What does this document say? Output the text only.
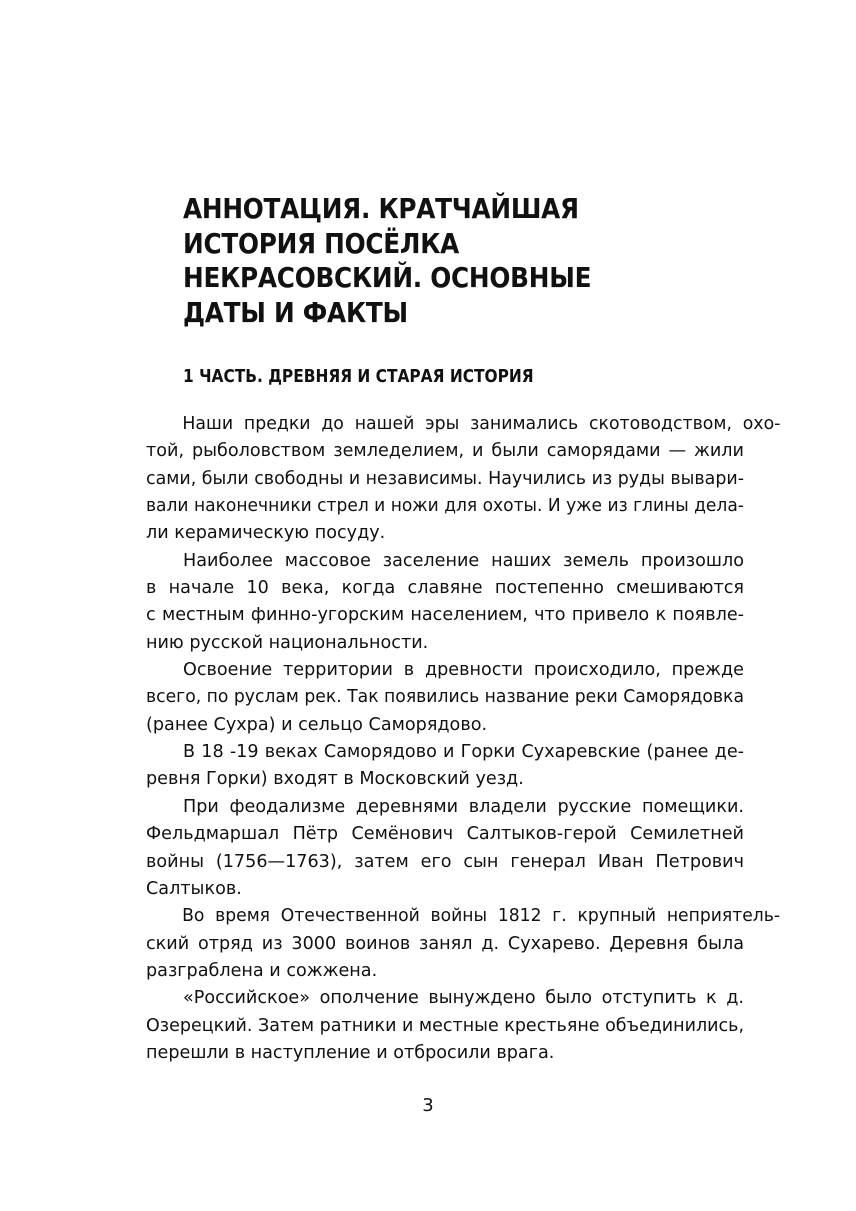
АННОТАЦИЯ. КРАТЧАЙШАЯ
ИСТОРИЯ ПОСЁЛКА
НЕКРАСОВСКИЙ. ОСНОВНЫЕ
ДАТЫ И ФАКТЫ
1 ЧАСТЬ. ДРЕВНЯЯ И СТАРАЯ ИСТОРИЯ
Наши предки до нашей эры занимались скотоводством, охо-
той, рыболовством земледелием, и были саморядами — жили
сами, были свободны и независимы. Научились из руды вывари-
вали наконечники стрел и ножи для охоты. И уже из глины дела-
ли керамическую посуду.
Наиболее массовое заселение наших земель произошло
в начале 10 века, когда славяне постепенно смешиваются
с местным финно-угорским населением, что привело к появле-
нию русской национальности.
Освоение территории в древности происходило, прежде
всего, по руслам рек. Так появились название реки Саморядовка
(ранее Сухра) и сельцо Саморядово.
В 18 -19 веках Саморядово и Горки Сухаревские (ранее де-
ревня Горки) входят в Московский уезд.
При феодализме деревнями владели русские помещики.
Фельдмаршал Пётр Семёнович Салтыков-герой Семилетней
войны (1756—1763), затем его сын генерал Иван Петрович
Салтыков.
Во время Отечественной войны 1812 г. крупный неприятель-
ский отряд из 3000 воинов занял д. Сухарево. Деревня была
разграблена и сожжена.
«Российское» ополчение вынуждено было отступить к д.
Озерецкий. Затем ратники и местные крестьяне объединились,
перешли в наступление и отбросили врага.
3
